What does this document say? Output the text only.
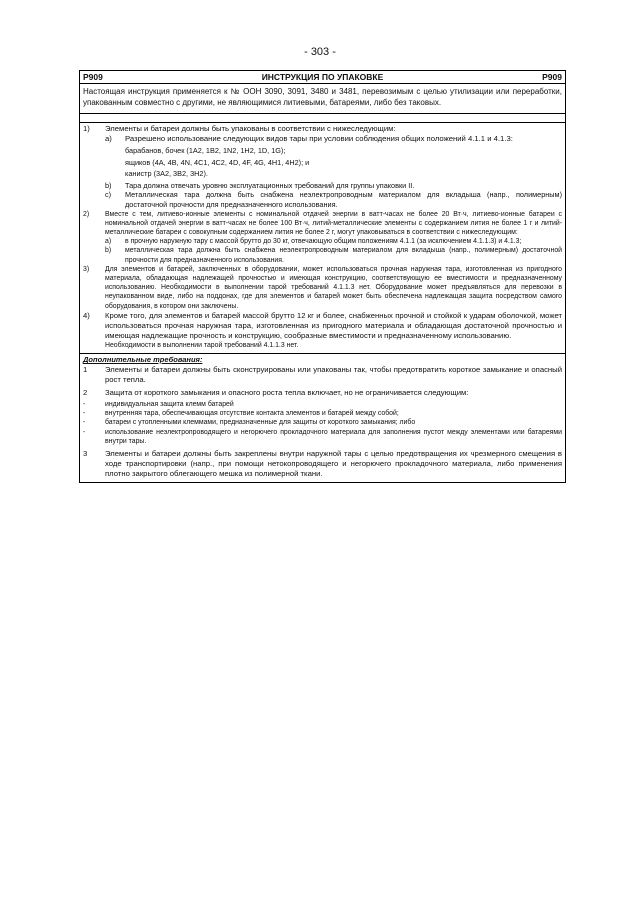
- 303 -
P909	ИНСТРУКЦИЯ ПО УПАКОВКЕ	P909
Настоящая инструкция применяется к № ООН 3090, 3091, 3480 и 3481, перевозимым с целью утилизации или переработки, упакованным совместно с другими, не являющимися литиевыми, батареями, либо без таковых.
1)	Элементы и батареи должны быть упакованы в соответствии с нижеследующим:
a)	Разрешено использование следующих видов тары при условии соблюдения общих положений 4.1.1 и 4.1.3:
барабанов, бочек (1A2, 1B2, 1N2, 1H2, 1D, 1G);
ящиков (4A, 4B, 4N, 4C1, 4C2, 4D, 4F, 4G, 4H1, 4H2); и
канистр (3A2, 3B2, 3H2).
b)	Тара должна отвечать уровню эксплуатационных требований для группы упаковки II.
c)	Металлическая тара должна быть снабжена неэлектропроводным материалом для вкладыша (напр., полимерным) достаточной прочности для предназначенного использования.
2)	Вместе с тем, литиево-ионные элементы с номинальной отдачей энергии в ватт-часах не более 20 Вт·ч, литиево-ионные батареи с номинальной отдачей энергии в ватт-часах не более 100 Вт·ч, литий-металлические элементы с содержанием лития не более 1 г и литий-металлические батареи с совокупным содержанием лития не более 2 г, могут упаковываться в соответствии с нижеследующим:
a)	в прочную наружную тару с массой брутто до 30 кг, отвечающую общим положениям 4.1.1 (за исключением 4.1.1.3) и 4.1.3;
b)	металлическая тара должна быть снабжена неэлектропроводным материалом для вкладыша (напр., полимерным) достаточной прочности для предназначенного использования.
3)	Для элементов и батарей, заключенных в оборудовании, может использоваться прочная наружная тара, изготовленная из пригодного материала, обладающая надлежащей прочностью и имеющая конструкцию, соответствующую ее вместимости и предназначенному использованию. Необходимости в выполнении тарой требований 4.1.1.3 нет. Оборудование может предъявляться для перевозки в неупакованном виде, либо на поддонах, где для элементов и батарей может быть обеспечена надлежащая защита посредством самого оборудования, в котором они заключены.
4)	Кроме того, для элементов и батарей массой брутто 12 кг и более, снабженных прочной и стойкой к ударам оболочкой, может использоваться прочная наружная тара, изготовленная из пригодного материала и обладающая достаточной прочностью и имеющая надлежащие прочность и конструкцию, сообразные вместимости и предназначенному использованию.
Необходимости в выполнении тарой требований 4.1.1.3 нет.
Дополнительные требования:
1	Элементы и батареи должны быть сконструированы или упакованы так, чтобы предотвратить короткое замыкание и опасный рост тепла.
2	Защита от короткого замыкания и опасного роста тепла включает, но не ограничивается следующим:
-	индивидуальная защита клемм батарей
-	внутренняя тара, обеспечивающая отсутствие контакта элементов и батарей между собой;
-	батареи с утопленными клеммами, предназначенные для защиты от короткого замыкания; либо
-	использование неэлектропроводящего и негорючего прокладочного материала для заполнения пустот между элементами или батареями внутри тары.
3	Элементы и батареи должны быть закреплены внутри наружной тары с целью предотвращения их чрезмерного смещения в ходе транспортировки (напр., при помощи нетокопроводящего и негорючего прокладочного материала, либо применения плотно закрытого облегающего мешка из полимерной ткани.
